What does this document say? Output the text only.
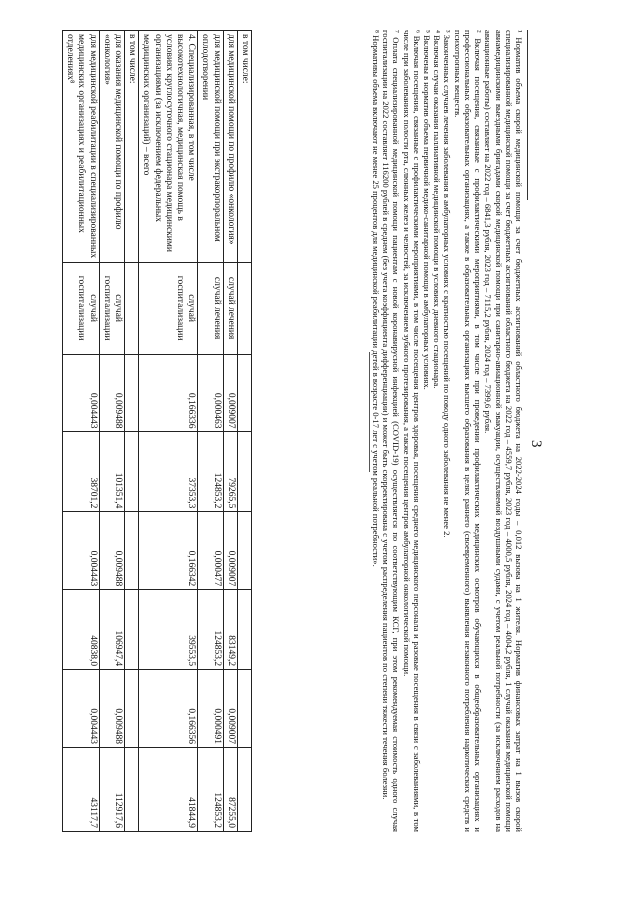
3

¹ Норматив объема скорой медицинской помощи за счет бюджетных ассигнований областного бюджета на 2022-2024 годы – 0,012 вызова на 1 жителя. Норматив финансовых затрат на 1 вызов скорой специализированной медицинской помощи за счет бюджетных ассигнований областного бюджета на 2022 год – 4559,7 рубля, 2023 год – 4000,5 рубля, 2024 год – 4004,2 рубля, 1 случай оказания медицинской помощи авиамедицинскими выездными бригадами скорой медицинской помощи при санитарно-авиационной эвакуации, осуществляемой воздушными судами, с учетом реальной потребности (за исключением расходов на авиационные работы) составляет на 2022 год – 6841,3 рубля, 2023 год – 7115,2 рубля, 2024 год – 7399,6 рубля.

² Включая посещения, связанные с профилактическими мероприятиями, в том числе при проведении профилактических медицинских осмотров обучающихся в общеобразовательных организациях и профессиональных образовательных организациях, а также в образовательных организациях высшего образования в целях раннего (своевременного) выявления незаконного потребления наркотических средств и психотропных веществ.

³ Законченных случаев лечения заболевания в амбулаторных условиях с кратностью посещений по поводу одного заболевания не менее 2.

⁴ Включая случаи оказания паллиативной медицинской помощи в условиях дневного стационара.

⁵ Включены в норматив объема первичной медико-санитарной помощи в амбулаторных условиях.

⁶ Включая посещения, связанные с профилактическими мероприятиями, в том числе посещения центров здоровья, посещения среднего медицинского персонала и разовые посещения в связи с заболеваниями, в том числе при заболеваниях полости рта, слюнных желез и челюстей, за исключением зубного протезирования, а также посещения центров амбулаторной онкологической помощи.

⁷ Оплата специализированной медицинской помощи пациентам с новой коронавирусной инфекцией (COVID-19) осуществляется по соответствующим КСГ, при этом рекомендуемая стоимость одного случая госпитализации на 2022 составляет 116200 рублей в среднем (без учета коэффициента дифференциации) и может быть скорректирована с учетом распределения пациентов по степени тяжести течения болезни.

⁸ Нормативы объема включают не менее 25 процентов для медицинской реабилитации детей в возрасте 0-17 лет с учетом реальной потребности».

в том числе:							
для медицинской помощи по профилю «онкология»	случай лечения	0,009007	79265,5	0,009007	83149,2	0,009007	87255,0
для медицинской помощи при экстракорпоральном оплодотворении	случай лечения	0,000463	124853,2	0,000477	124853,2	0,000491	124853,2
4. Специализированная, в том числе высокотехнологичная, медицинская помощь в условиях круглосуточного стационара медицинскими организациями (за исключением федеральных медицинских организаций) – всего	случай госпитализации	0,166336	37353,3	0,166342	39553,5	0,166356	41844,9
в том числе:							
для оказания медицинской помощи по профилю «онкология»	случай госпитализации	0,009488	101351,4	0,009488	106947,4	0,009488	112917,6
для медицинской реабилитации в специализированных медицинских организациях и реабилитационных отделениях⁸	случай госпитализации	0,004443	38701,2	0,004443	40838,0	0,004443	43117,7
